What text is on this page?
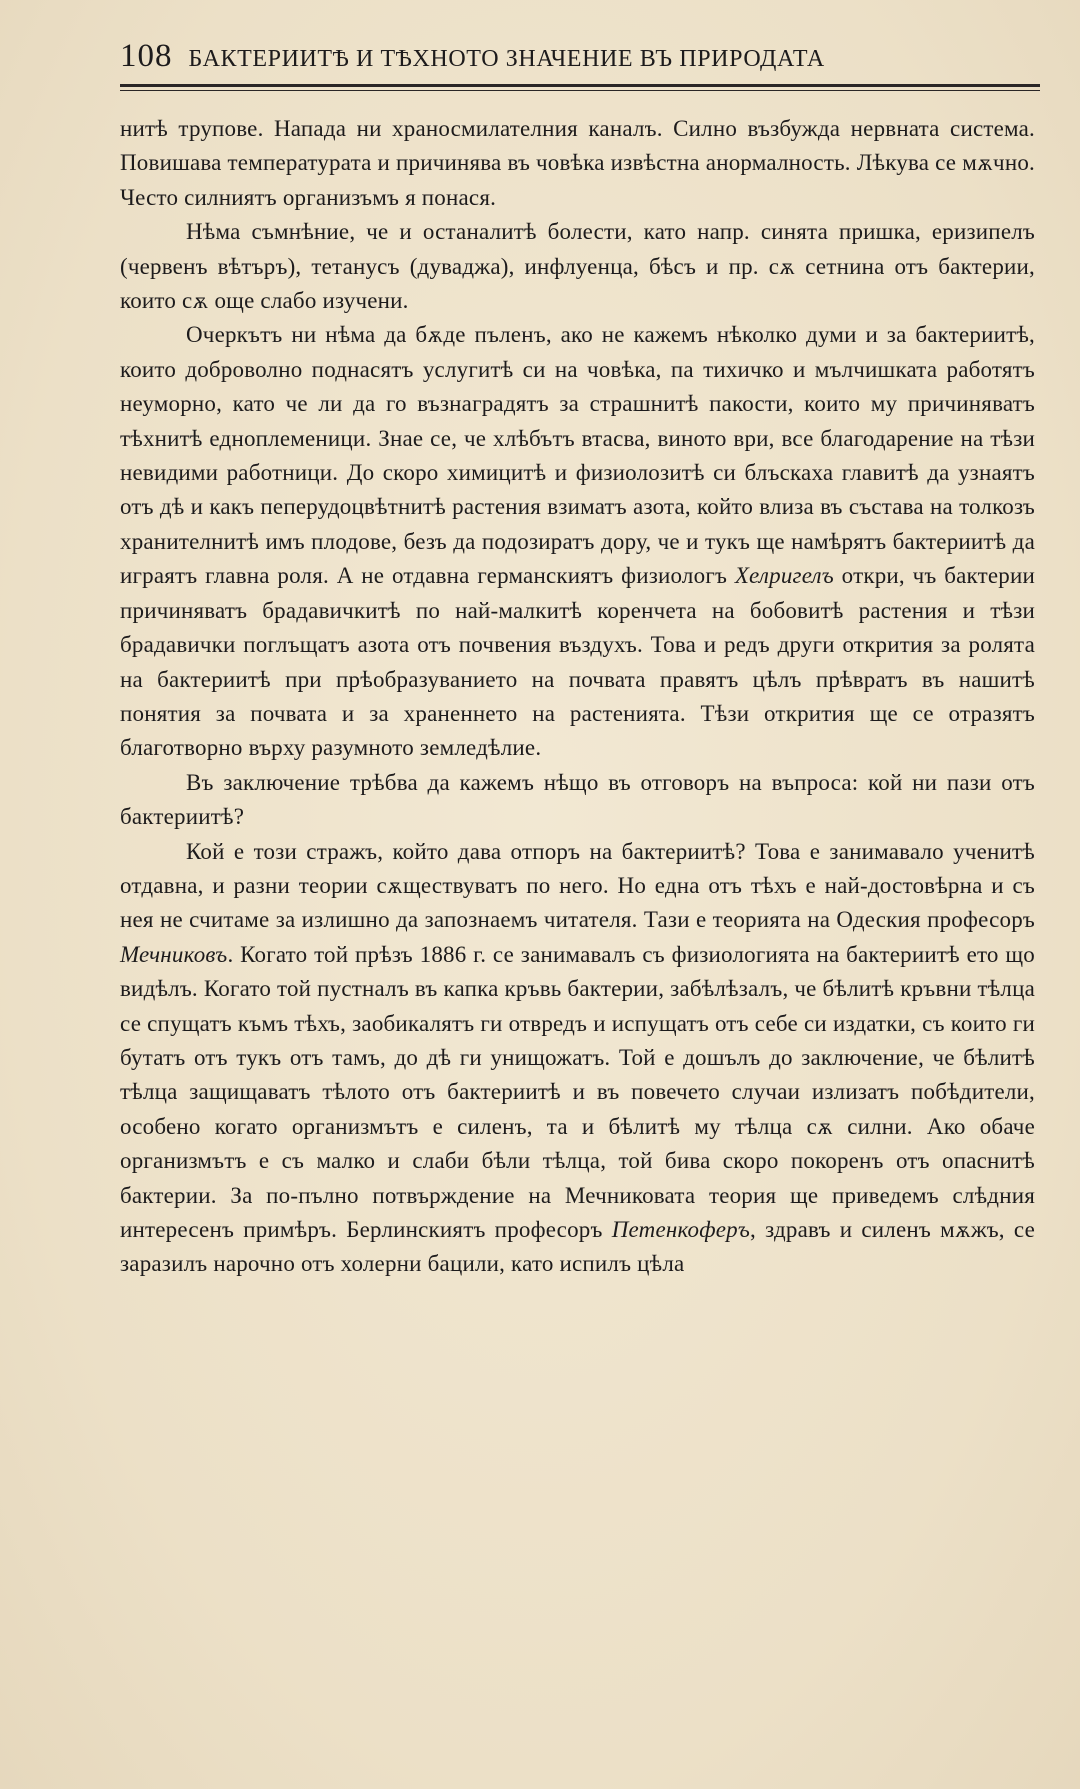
108 БАКТЕРИИТѢ И ТѢХНОТО ЗНАЧЕНИЕ ВЪ ПРИРОДАТА

нитѣ трупове. Напада ни храносмилателния каналъ. Силно възбужда нервната система. Повишава температурата и причинява въ човѣка извѣстна анормалность. Лѣкува се мѫчно. Често силниятъ организъмъ я понася.

Нѣма съмнѣние, че и останалитѣ болести, като напр. синята пришка, еризипелъ (червенъ вѣтъръ), тетанусъ (дуваджа), инфлуенца, бѣсъ и пр. сѫ сетнина отъ бактерии, които сѫ още слабо изучени.

Очеркътъ ни нѣма да бѫде пъленъ, ако не кажемъ нѣколко думи и за бактериитѣ, които доброволно поднасятъ услугитѣ си на човѣка, па тихичко и мълчишката работятъ неуморно, като че ли да го възнаградятъ за страшнитѣ пакости, които му причиняватъ тѣхнитѣ едноплеменици. Знае се, че хлѣбътъ втасва, виното ври, все благодарение на тѣзи невидими работници. До скоро химицитѣ и физиолозитѣ си блъскаха главитѣ да узнаятъ отъ дѣ и какъ пеперудоцвѣтнитѣ растения взиматъ азота, който влиза въ състава на толкозъ хранителнитѣ имъ плодове, безъ да подозиратъ дору, че и тукъ ще намѣрятъ бактериитѣ да играятъ главна роля. А не отдавна германскиятъ физиологъ Хелригелъ откри, чъ бактерии причиняватъ брадавичкитѣ по най-малкитѣ коренчета на бобовитѣ растения и тѣзи брадавички поглъщатъ азота отъ почвения въздухъ. Това и редъ други открития за ролята на бактериитѣ при прѣобразуванието на почвата правятъ цѣлъ прѣвратъ въ нашитѣ понятия за почвата и за храненнето на растенията. Тѣзи открития ще се отразятъ благотворно върху разумното земледѣлие.

Въ заключение трѣбва да кажемъ нѣщо въ отговоръ на въпроса: кой ни пази отъ бактериитѣ?

Кой е този стражъ, който дава отпоръ на бактериитѣ? Това е занимавало ученитѣ отдавна, и разни теории сѫществуватъ по него. Но една отъ тѣхъ е най-достовѣрна и съ нея не считаме за излишно да запознаемъ читателя. Тази е теорията на Одеския професоръ Мечниковъ. Когато той прѣзъ 1886 г. се занимавалъ съ физиологията на бактериитѣ ето що видѣлъ. Когато той пустналъ въ капка кръвь бактерии, забѣлѣзалъ, че бѣлитѣ кръвни тѣлца се спущатъ къмъ тѣхъ, заобикалятъ ги отвредъ и испущатъ отъ себе си издатки, съ които ги бутатъ отъ тукъ отъ тамъ, до дѣ ги унищожатъ. Той е дошълъ до заключение, че бѣлитѣ тѣлца защищаватъ тѣлото отъ бактериитѣ и въ повечето случаи излизатъ побѣдители, особено когато организмътъ е силенъ, та и бѣлитѣ му тѣлца сѫ силни. Ако обаче организмътъ е съ малко и слаби бѣли тѣлца, той бива скоро покоренъ отъ опаснитѣ бактерии. За по-пълно потвърждение на Мечниковата теория ще приведемъ слѣдния интересенъ примѣръ. Берлинскиятъ професоръ Петенкоферъ, здравъ и силенъ мѫжъ, се заразилъ нарочно отъ холерни бацили, като испилъ цѣла
